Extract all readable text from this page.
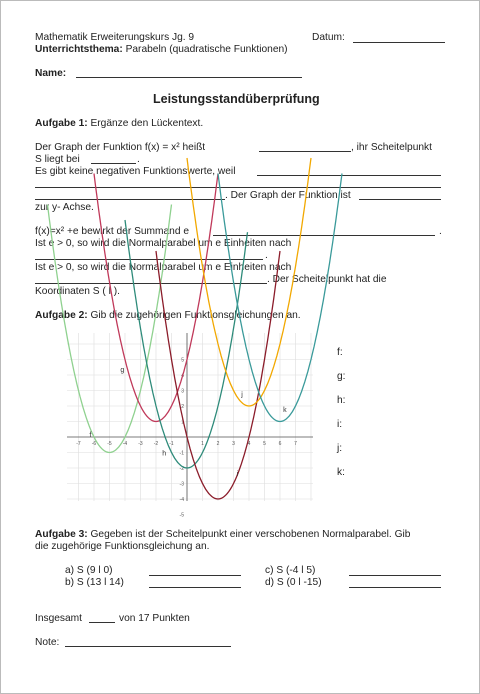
Mathematik Erweiterungskurs Jg. 9	Datum:
Unterrichtsthema: Parabeln (quadratische Funktionen)
Name:
Leistungsstandüberprüfung
Aufgabe 1: Ergänze den Lückentext.
Der Graph der Funktion f(x) = x² heißt	, ihr Scheitelpunkt
S liegt bei	.
Es gibt keine negativen Funktionswerte, weil
. Der Graph der Funktion ist
zur y- Achse.
f(x)=x² +e bewirkt der Summand e	.
Ist e > 0, so wird die Normalparabel um e Einheiten nach
.
Ist e > 0, so wird die Normalparabel um e Einheiten nach
. Der Scheitelpunkt hat die
Koordinaten S ( l ).
Aufgabe 2: Gib die zugehörigen Funktionsgleichungen an.
-7 -6 -5 -4 -3 -2 -1	1	2	3	4	5	6	7
5
4
3
2
1
-1
-2
-3
-4
-5
f
g
h
i
j
k
f:
g:
h:
i:
j:
k:
Aufgabe 3: Gegeben ist der Scheitelpunkt einer verschobenen Normalparabel. Gib
die zugehörige Funktionsgleichung an.
a) S (9 l 0)
b) S (13 l 14)
c) S (-4 l 5)
d) S (0 l -15)
Insgesamt	von 17 Punkten
Note:
